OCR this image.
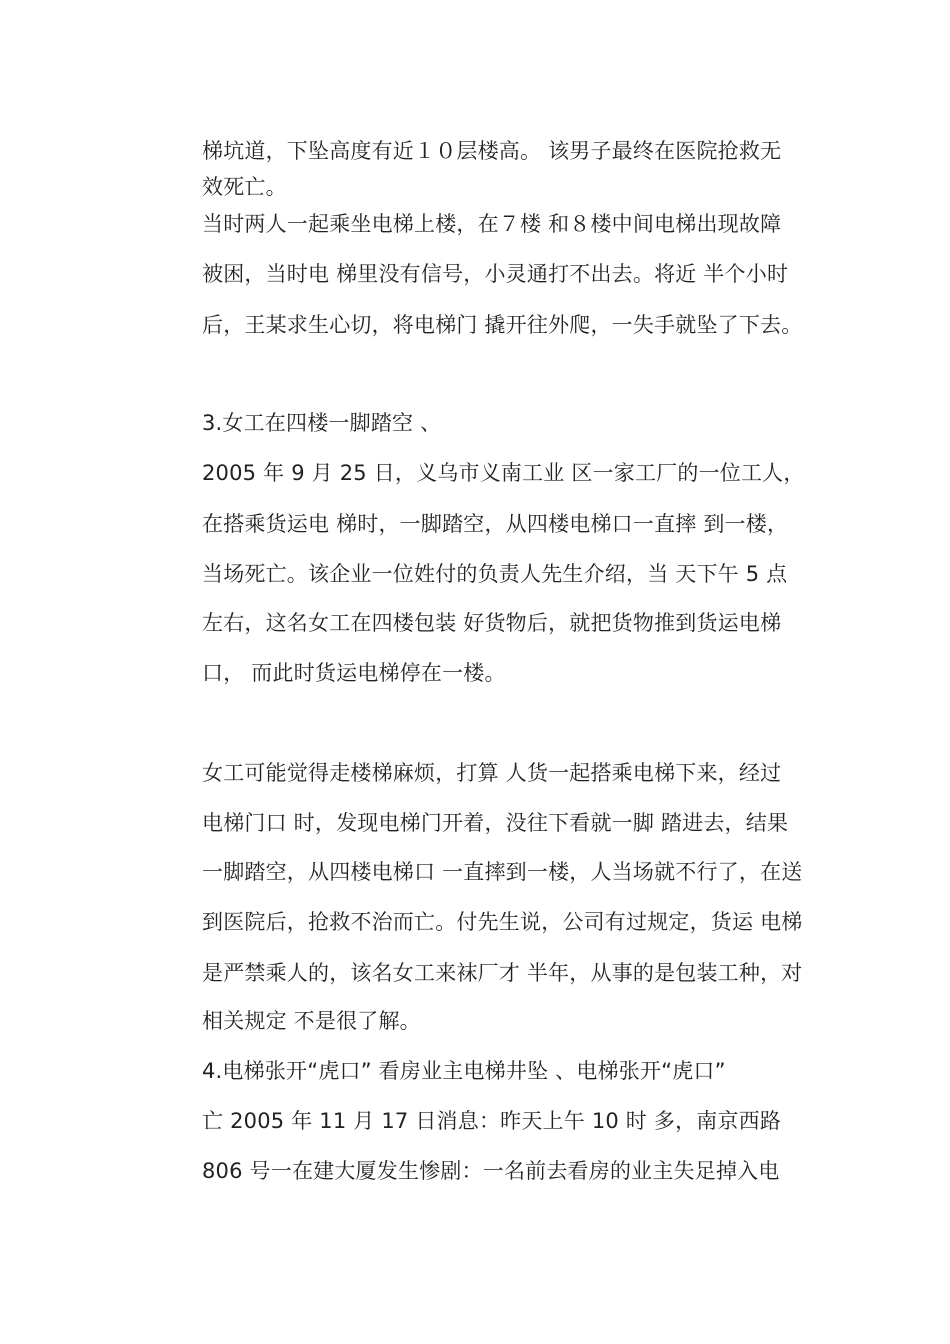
梯坑道，下坠高度有近１０层楼高。 该男子最终在医院抢救无
效死亡。
当时两人一起乘坐电梯上楼，在７楼 和８楼中间电梯出现故障
被困，当时电 梯里没有信号，小灵通打不出去。将近 半个小时
后，王某求生心切，将电梯门 撬开往外爬，一失手就坠了下去。
3.女工在四楼一脚踏空 、
2005 年 9 月 25 日，义乌市义南工业 区一家工厂的一位工人，
在搭乘货运电 梯时，一脚踏空，从四楼电梯口一直摔 到一楼，
当场死亡。该企业一位姓付的负责人先生介绍，当 天下午 5 点
左右，这名女工在四楼包装 好货物后，就把货物推到货运电梯
口， 而此时货运电梯停在一楼。
女工可能觉得走楼梯麻烦，打算 人货一起搭乘电梯下来，经过
电梯门口 时，发现电梯门开着，没往下看就一脚 踏进去，结果
一脚踏空，从四楼电梯口 一直摔到一楼，人当场就不行了，在送
到医院后，抢救不治而亡。付先生说，公司有过规定，货运 电梯
是严禁乘人的，该名女工来袜厂才 半年，从事的是包装工种，对
相关规定 不是很了解。
4.电梯张开“虎口” 看房业主电梯井坠 、电梯张开“虎口”
亡 2005 年 11 月 17 日消息：昨天上午 10 时 多，南京西路
806 号一在建大厦发生惨剧：一名前去看房的业主失足掉入电
